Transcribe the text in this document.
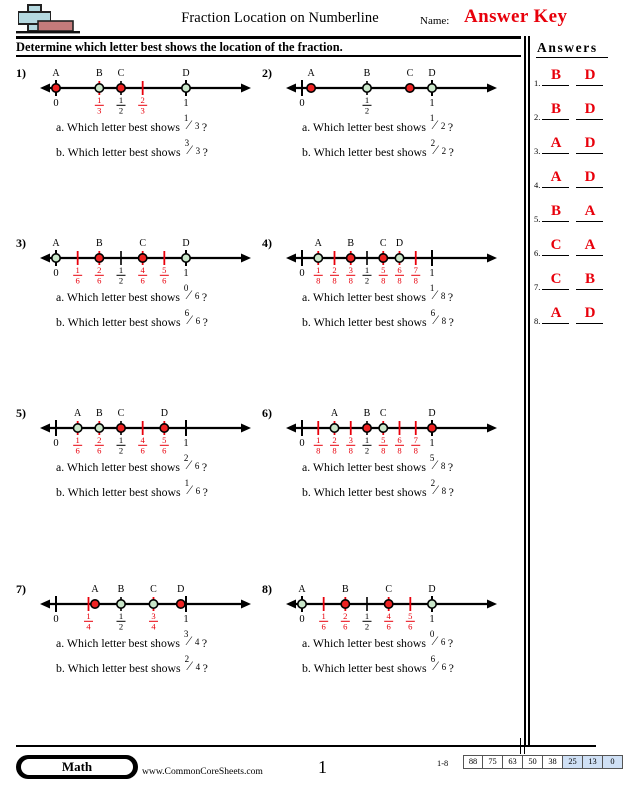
Fraction Location on Numberline	Name: Answer Key
Determine which letter best shows the location of the fraction.	Answers
1. B	D
2. B	D
3. A	D
4. A	D
5. B	A
6. C	A
7. C	B
8. A	D
1)
0	1
1
3
1
2
2
3
A	B C	D
a. Which letter best shows
1 ⁄ 3 ?
b. Which letter best shows
3 ⁄ 3 ?
2)
0	1
1
2
A	B	C D
a. Which letter best shows
1 ⁄ 2 ?
b. Which letter best shows
2 ⁄ 2 ?
3)
0	1
1
6
2
6
1
2
4
6
5
6
A	B	C	D
a. Which letter best shows
0 ⁄ 6 ?
b. Which letter best shows
6 ⁄ 6 ?
4)
0	1
1
8
2
8
3
8
1
2
5
8
6
8
7
8
A	B	C D
a. Which letter best shows
1 ⁄ 8 ?
b. Which letter best shows
6 ⁄ 8 ?
5)
0	1
1
6
2
6
1
2
4
6
5
6
A B C	D
a. Which letter best shows
2 ⁄ 6 ?
b. Which letter best shows
1 ⁄ 6 ?
6)
0	1
1
8
2
8
3
8
1
2
5
8
6
8
7
8
A	B C	D
a. Which letter best shows
5 ⁄ 8 ?
b. Which letter best shows
2 ⁄ 8 ?
7)
0	1
1
4
1
2
3
4
A B	C D
a. Which letter best shows
3 ⁄ 4 ?
b. Which letter best shows
2 ⁄ 4 ?
8)
0	1
1
6
2
6
1
2
4
6
5
6
A	B	C	D
a. Which letter best shows
0 ⁄ 6 ?
b. Which letter best shows
6 ⁄ 6 ?
Math	www.CommonCoreSheets.com	1	1-8	88	75	63	50	38	25	13	0
